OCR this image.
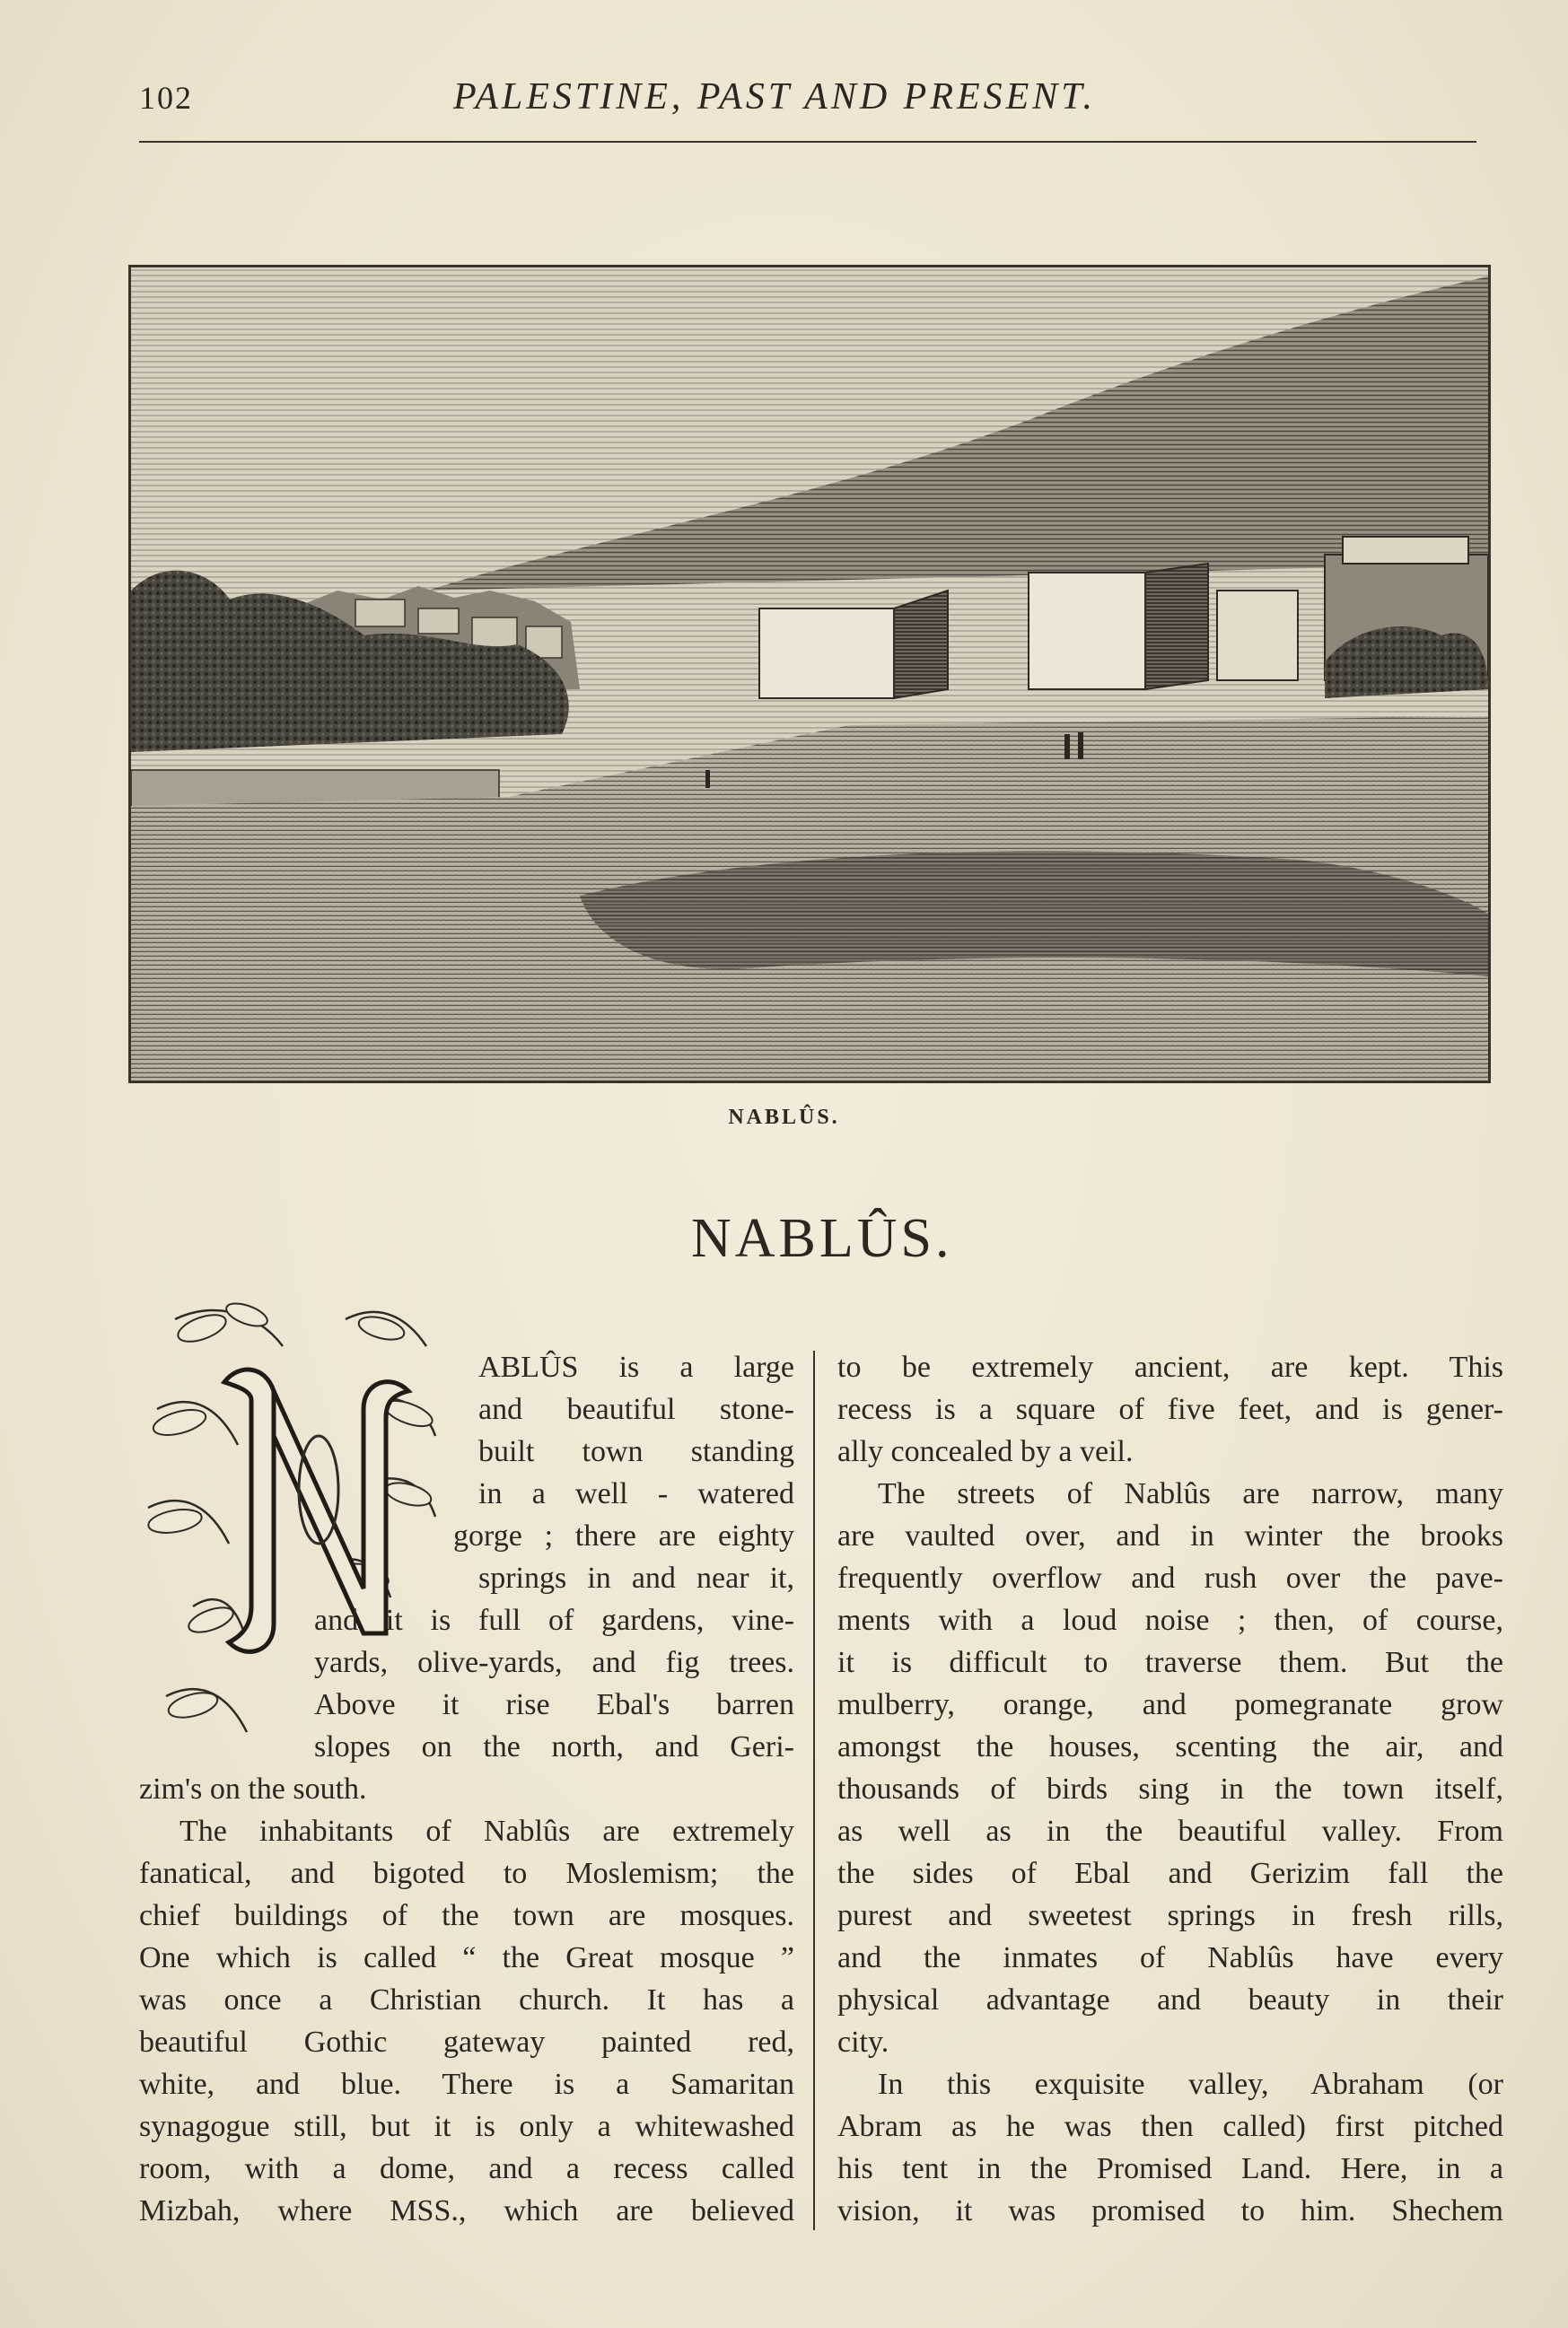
102	PALESTINE, PAST AND PRESENT.
NABLÛS.
NABLÛS.
ABLÛS is a large
and beautiful stone-
built town standing
in a well - watered
gorge ; there are eighty
springs in and near it,
and it is full of gardens, vine-
yards, olive-yards, and fig trees.
Above it rise Ebal's barren
slopes on the north, and Geri-
zim's on the south.
The inhabitants of Nablûs are extremely
fanatical, and bigoted to Moslemism; the
chief buildings of the town are mosques.
One which is called “ the Great mosque ”
was once a Christian church. It has a
beautiful Gothic gateway painted red,
white, and blue. There is a Samaritan
synagogue still, but it is only a whitewashed
room, with a dome, and a recess called
Mizbah, where MSS., which are believed
to be extremely ancient, are kept. This
recess is a square of five feet, and is gener-
ally concealed by a veil.
The streets of Nablûs are narrow, many
are vaulted over, and in winter the brooks
frequently overflow and rush over the pave-
ments with a loud noise ; then, of course,
it is difficult to traverse them. But the
mulberry, orange, and pomegranate grow
amongst the houses, scenting the air, and
thousands of birds sing in the town itself,
as well as in the beautiful valley. From
the sides of Ebal and Gerizim fall the
purest and sweetest springs in fresh rills,
and the inmates of Nablûs have every
physical advantage and beauty in their
city.
In this exquisite valley, Abraham (or
Abram as he was then called) first pitched
his tent in the Promised Land. Here, in a
vision, it was promised to him. Shechem
